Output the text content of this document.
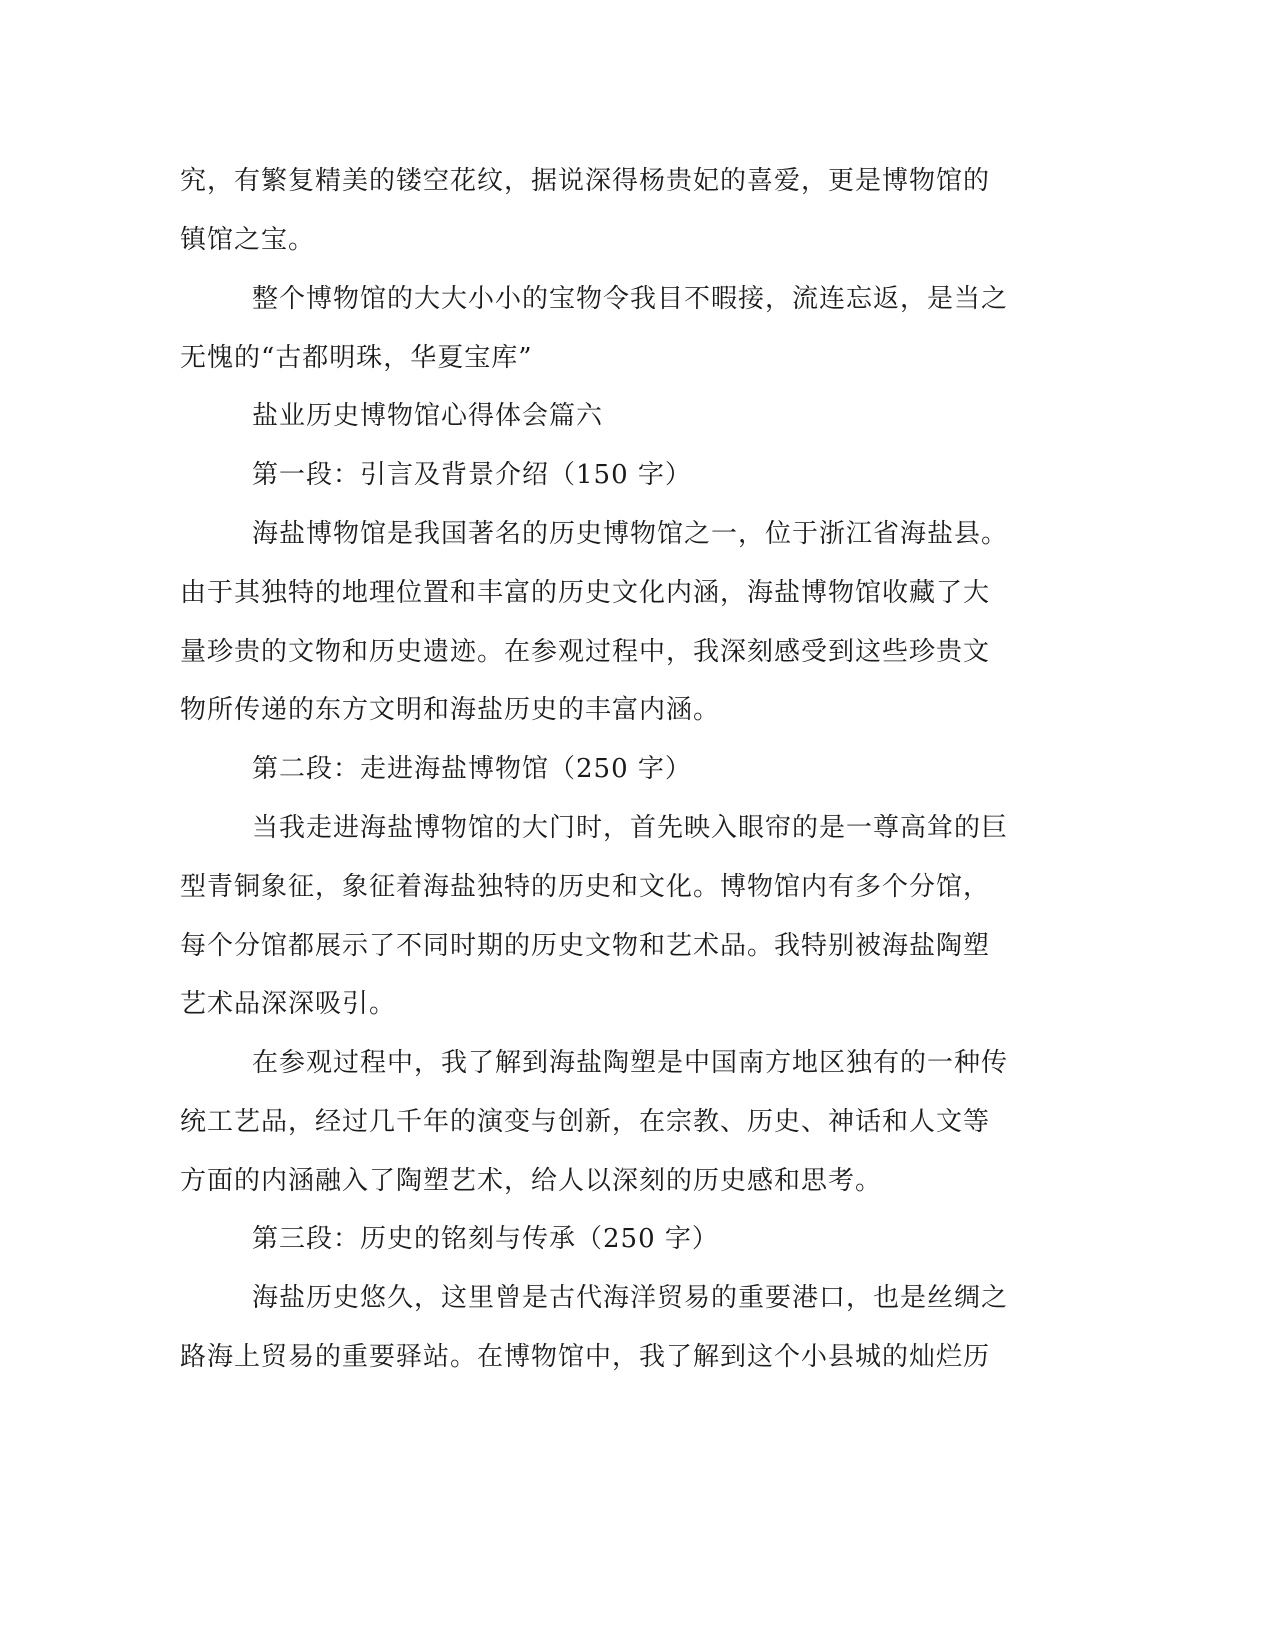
究，有繁复精美的镂空花纹，据说深得杨贵妃的喜爱，更是博物馆的
镇馆之宝。
整个博物馆的大大小小的宝物令我目不暇接，流连忘返，是当之
无愧的“古都明珠，华夏宝库”
盐业历史博物馆心得体会篇六
第一段：引言及背景介绍（150 字）
海盐博物馆是我国著名的历史博物馆之一，位于浙江省海盐县。
由于其独特的地理位置和丰富的历史文化内涵，海盐博物馆收藏了大
量珍贵的文物和历史遗迹。在参观过程中，我深刻感受到这些珍贵文
物所传递的东方文明和海盐历史的丰富内涵。
第二段：走进海盐博物馆（250 字）
当我走进海盐博物馆的大门时，首先映入眼帘的是一尊高耸的巨
型青铜象征，象征着海盐独特的历史和文化。博物馆内有多个分馆，
每个分馆都展示了不同时期的历史文物和艺术品。我特别被海盐陶塑
艺术品深深吸引。
在参观过程中，我了解到海盐陶塑是中国南方地区独有的一种传
统工艺品，经过几千年的演变与创新，在宗教、历史、神话和人文等
方面的内涵融入了陶塑艺术，给人以深刻的历史感和思考。
第三段：历史的铭刻与传承（250 字）
海盐历史悠久，这里曾是古代海洋贸易的重要港口，也是丝绸之
路海上贸易的重要驿站。在博物馆中，我了解到这个小县城的灿烂历
